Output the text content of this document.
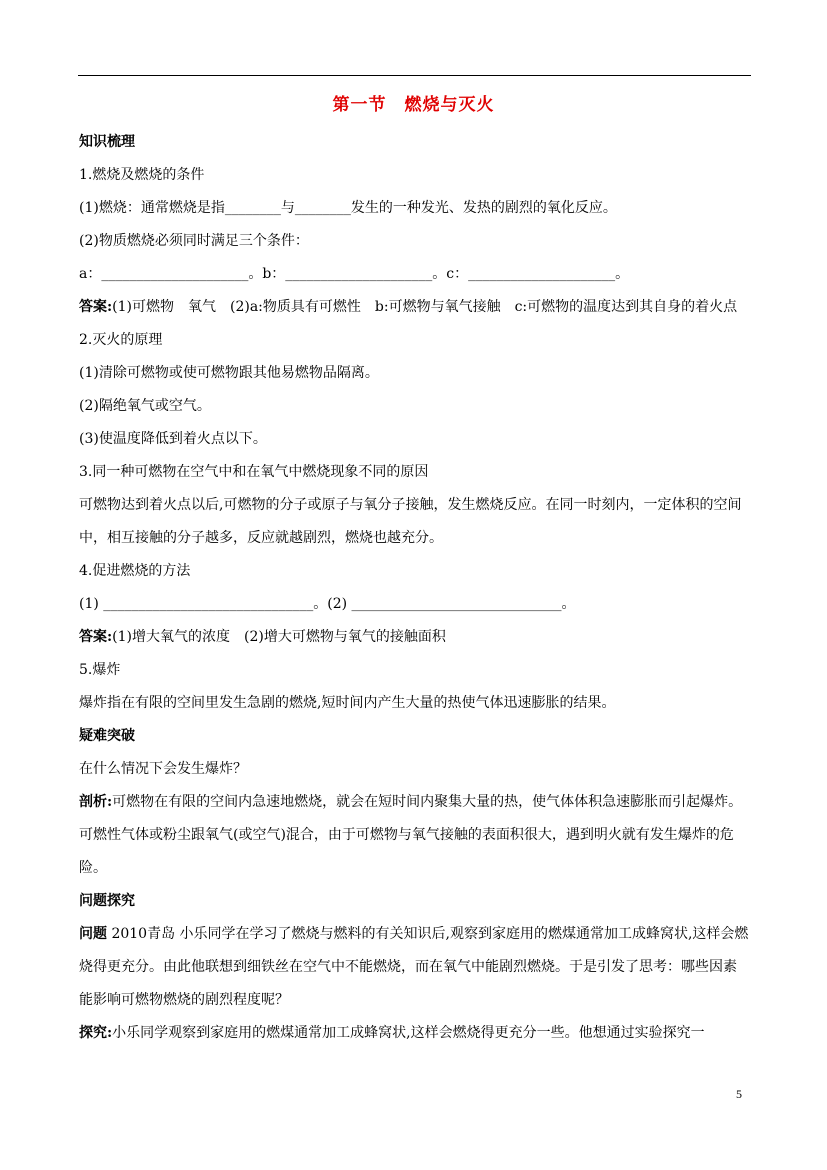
第一节　燃烧与灭火
知识梳理
1.燃烧及燃烧的条件
(1)燃烧：通常燃烧是指________与________发生的一种发光、发热的剧烈的氧化反应。
(2)物质燃烧必须同时满足三个条件：
a：_____________________。b：_____________________。c：_____________________。
答案:(1)可燃物　氧气　(2)a:物质具有可燃性　b:可燃物与氧气接触　c:可燃物的温度达到其自身的着火点
2.灭火的原理
(1)清除可燃物或使可燃物跟其他易燃物品隔离。
(2)隔绝氧气或空气。
(3)使温度降低到着火点以下。
3.同一种可燃物在空气中和在氧气中燃烧现象不同的原因
可燃物达到着火点以后,可燃物的分子或原子与氧分子接触，发生燃烧反应。在同一时刻内，一定体积的空间中，相互接触的分子越多，反应就越剧烈，燃烧也越充分。
4.促进燃烧的方法
(1) ______________________________。(2) ______________________________。
答案:(1)增大氧气的浓度　(2)增大可燃物与氧气的接触面积
5.爆炸
爆炸指在有限的空间里发生急剧的燃烧,短时间内产生大量的热使气体迅速膨胀的结果。
疑难突破
在什么情况下会发生爆炸？
剖析:可燃物在有限的空间内急速地燃烧，就会在短时间内聚集大量的热，使气体体积急速膨胀而引起爆炸。可燃性气体或粉尘跟氧气(或空气)混合，由于可燃物与氧气接触的表面积很大，遇到明火就有发生爆炸的危险。
问题探究
问题 2010青岛 小乐同学在学习了燃烧与燃料的有关知识后,观察到家庭用的燃煤通常加工成蜂窝状,这样会燃烧得更充分。由此他联想到细铁丝在空气中不能燃烧，而在氧气中能剧烈燃烧。于是引发了思考：哪些因素能影响可燃物燃烧的剧烈程度呢？
探究:小乐同学观察到家庭用的燃煤通常加工成蜂窝状,这样会燃烧得更充分一些。他想通过实验探究一
5
